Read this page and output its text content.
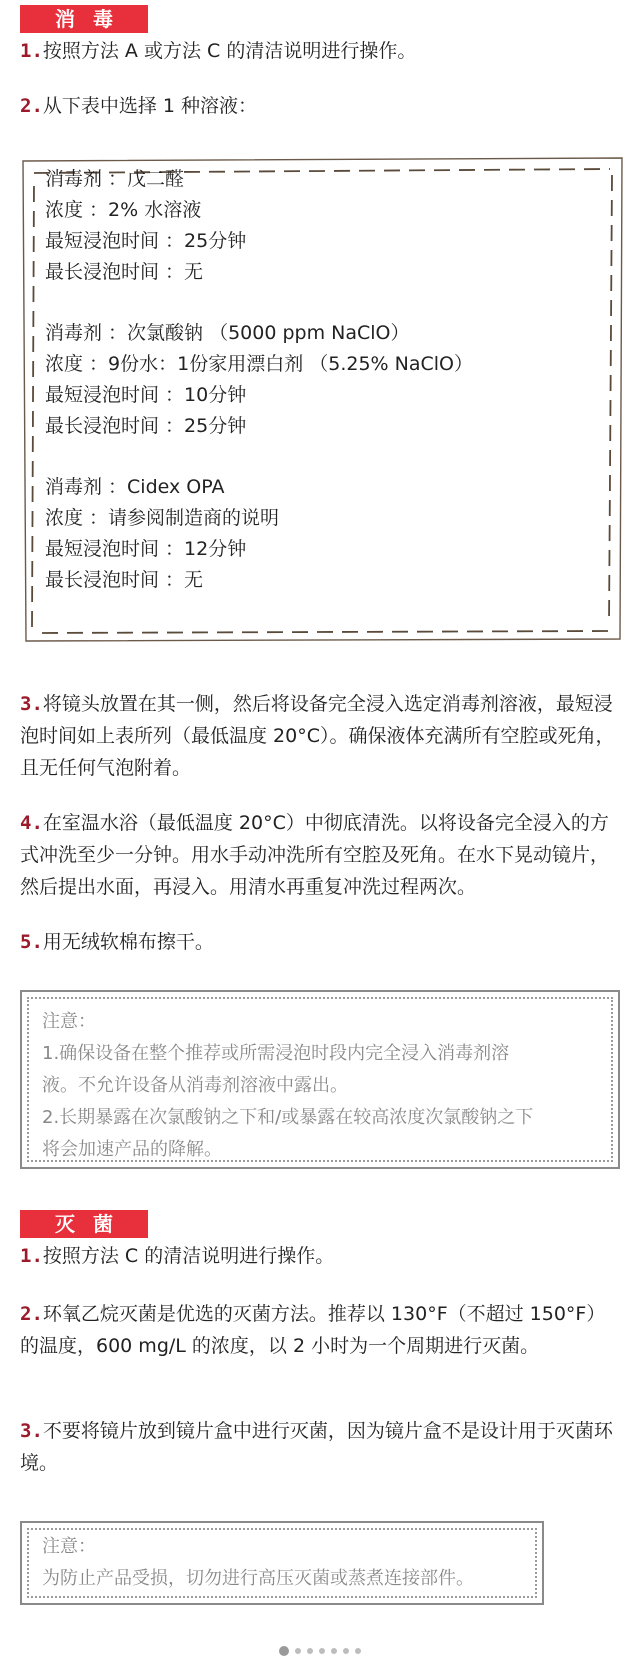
消毒
1.按照方法 A 或方法 C 的清洁说明进行操作。
2.从下表中选择 1 种溶液：
消毒剂 ：戊二醛
浓度 ：2% 水溶液
最短浸泡时间 ：25分钟
最长浸泡时间 ：无
消毒剂 ：次氯酸钠 （5000 ppm NaClO）
浓度 ：9份水：1份家用漂白剂 （5.25% NaClO）
最短浸泡时间 ：10分钟
最长浸泡时间 ：25分钟
消毒剂 ：Cidex OPA
浓度 ：请参阅制造商的说明
最短浸泡时间 ：12分钟
最长浸泡时间 ：无
3.将镜头放置在其一侧，然后将设备完全浸入选定消毒剂溶液，最短浸泡时间如上表所列（最低温度 20°C）。确保液体充满所有空腔或死角，且无任何气泡附着。
4.在室温水浴（最低温度 20°C）中彻底清洗。以将设备完全浸入的方式冲洗至少一分钟。用水手动冲洗所有空腔及死角。在水下晃动镜片，然后提出水面，再浸入。用清水再重复冲洗过程两次。
5.用无绒软棉布擦干。
注意：
1.确保设备在整个推荐或所需浸泡时段内完全浸入消毒剂溶
液。不允许设备从消毒剂溶液中露出。
2.长期暴露在次氯酸钠之下和/或暴露在较高浓度次氯酸钠之下
将会加速产品的降解。
灭菌
1.按照方法 C 的清洁说明进行操作。
2.环氧乙烷灭菌是优选的灭菌方法。推荐以 130°F（不超过 150°F）的温度，600 mg/L 的浓度，以 2 小时为一个周期进行灭菌。
3.不要将镜片放到镜片盒中进行灭菌，因为镜片盒不是设计用于灭菌环境。
注意：
为防止产品受损，切勿进行高压灭菌或蒸煮连接部件。
